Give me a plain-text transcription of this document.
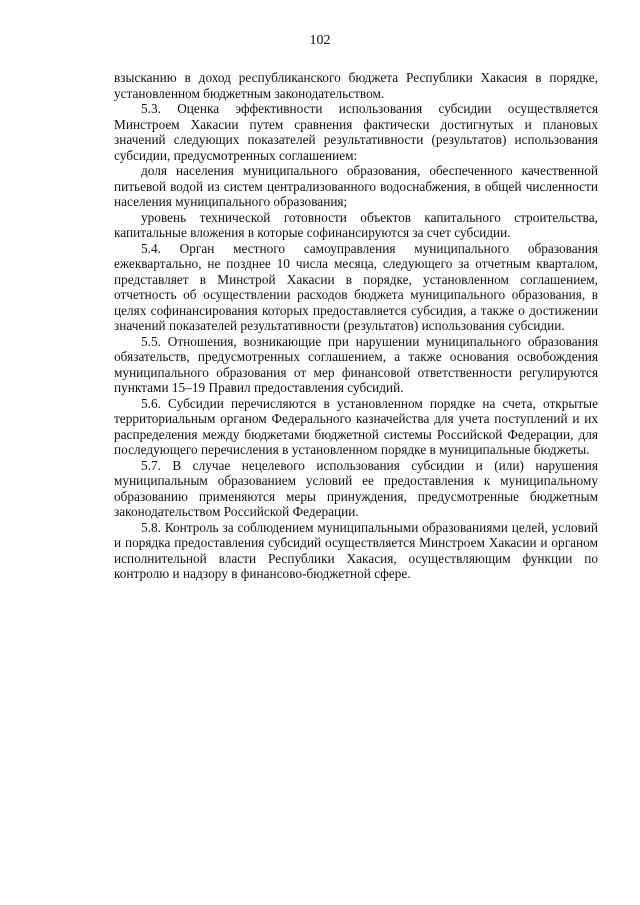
102

взысканию в доход республиканского бюджета Республики Хакасия в порядке, установленном бюджетным законодательством.

5.3. Оценка эффективности использования субсидии осуществляется Минстроем Хакасии путем сравнения фактически достигнутых и плановых значений следующих показателей результативности (результатов) использования субсидии, предусмотренных соглашением:

доля населения муниципального образования, обеспеченного качественной питьевой водой из систем централизованного водоснабжения, в общей численности населения муниципального образования;

уровень технической готовности объектов капитального строительства, капитальные вложения в которые софинансируются за счет субсидии.

5.4. Орган местного самоуправления муниципального образования ежеквартально, не позднее 10 числа месяца, следующего за отчетным кварталом, представляет в Минстрой Хакасии в порядке, установленном соглашением, отчетность об осуществлении расходов бюджета муниципального образования, в целях софинансирования которых предоставляется субсидия, а также о достижении значений показателей результативности (результатов) использования субсидии.

5.5. Отношения, возникающие при нарушении муниципального образования обязательств, предусмотренных соглашением, а также основания освобождения муниципального образования от мер финансовой ответственности регулируются пунктами 15–19 Правил предоставления субсидий.

5.6. Субсидии перечисляются в установленном порядке на счета, открытые территориальным органом Федерального казначейства для учета поступлений и их распределения между бюджетами бюджетной системы Российской Федерации, для последующего перечисления в установленном порядке в муниципальные бюджеты.

5.7. В случае нецелевого использования субсидии и (или) нарушения муниципальным образованием условий ее предоставления к муниципальному образованию применяются меры принуждения, предусмотренные бюджетным законодательством Российской Федерации.

5.8. Контроль за соблюдением муниципальными образованиями целей, условий и порядка предоставления субсидий осуществляется Минстроем Хакасии и органом исполнительной власти Республики Хакасия, осуществляющим функции по контролю и надзору в финансово-бюджетной сфере.
